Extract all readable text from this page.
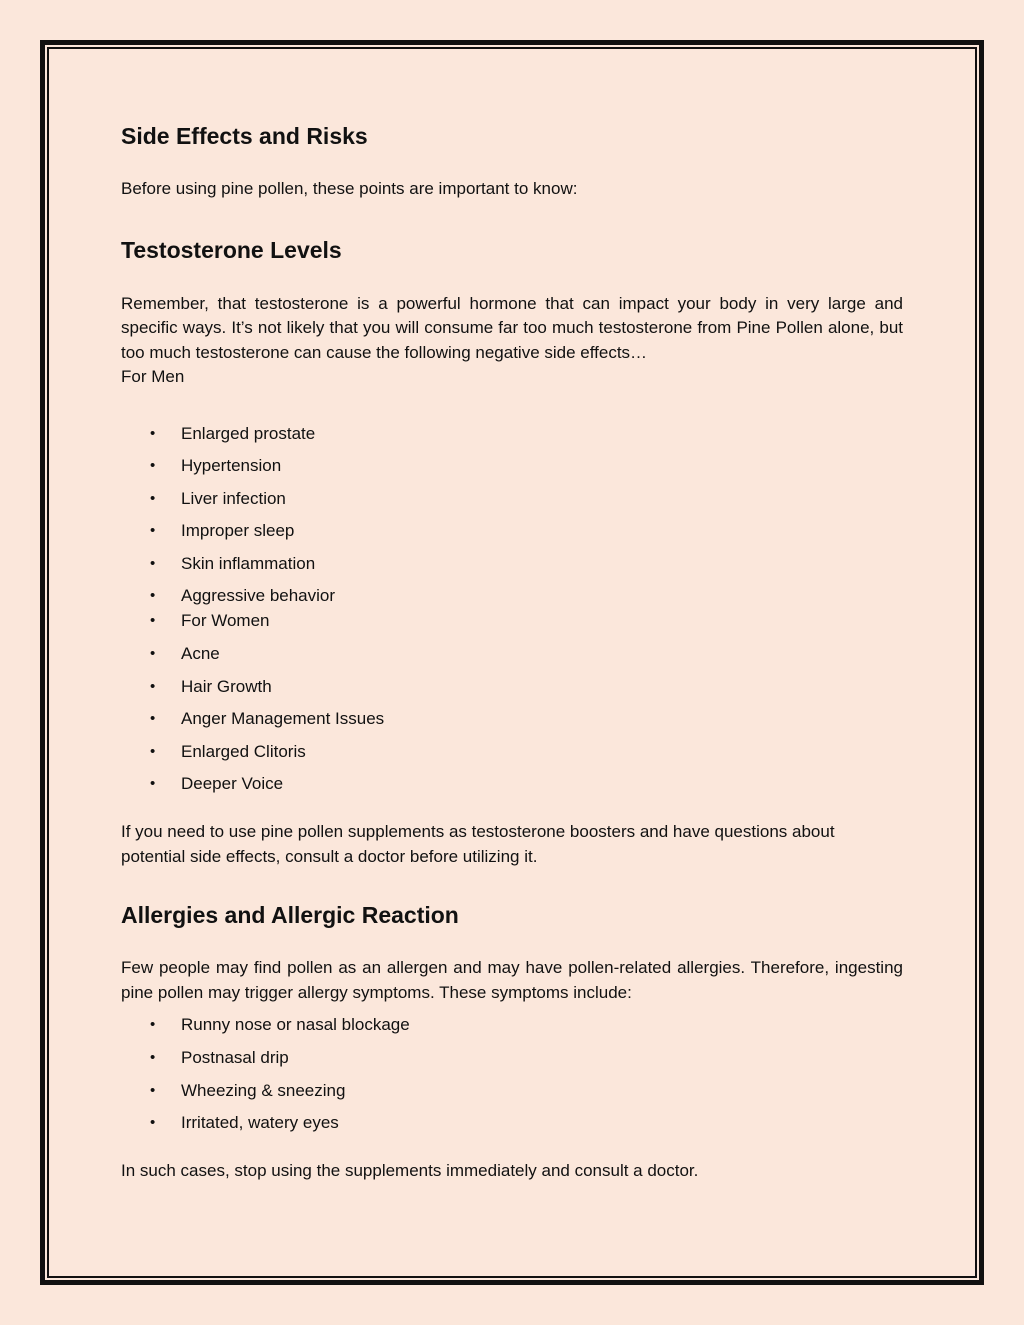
Side Effects and Risks

Before using pine pollen, these points are important to know:

Testosterone Levels

Remember, that testosterone is a powerful hormone that can impact your body in very large and specific ways. It’s not likely that you will consume far too much testosterone from Pine Pollen alone, but too much testosterone can cause the following negative side effects…

For Men

• Enlarged prostate
• Hypertension
• Liver infection
• Improper sleep
• Skin inflammation
• Aggressive behavior
• For Women
• Acne
• Hair Growth
• Anger Management Issues
• Enlarged Clitoris
• Deeper Voice

If you need to use pine pollen supplements as testosterone boosters and have questions about potential side effects, consult a doctor before utilizing it.

Allergies and Allergic Reaction

Few people may find pollen as an allergen and may have pollen-related allergies. Therefore, ingesting pine pollen may trigger allergy symptoms. These symptoms include:

• Runny nose or nasal blockage
• Postnasal drip
• Wheezing & sneezing
• Irritated, watery eyes

In such cases, stop using the supplements immediately and consult a doctor.
